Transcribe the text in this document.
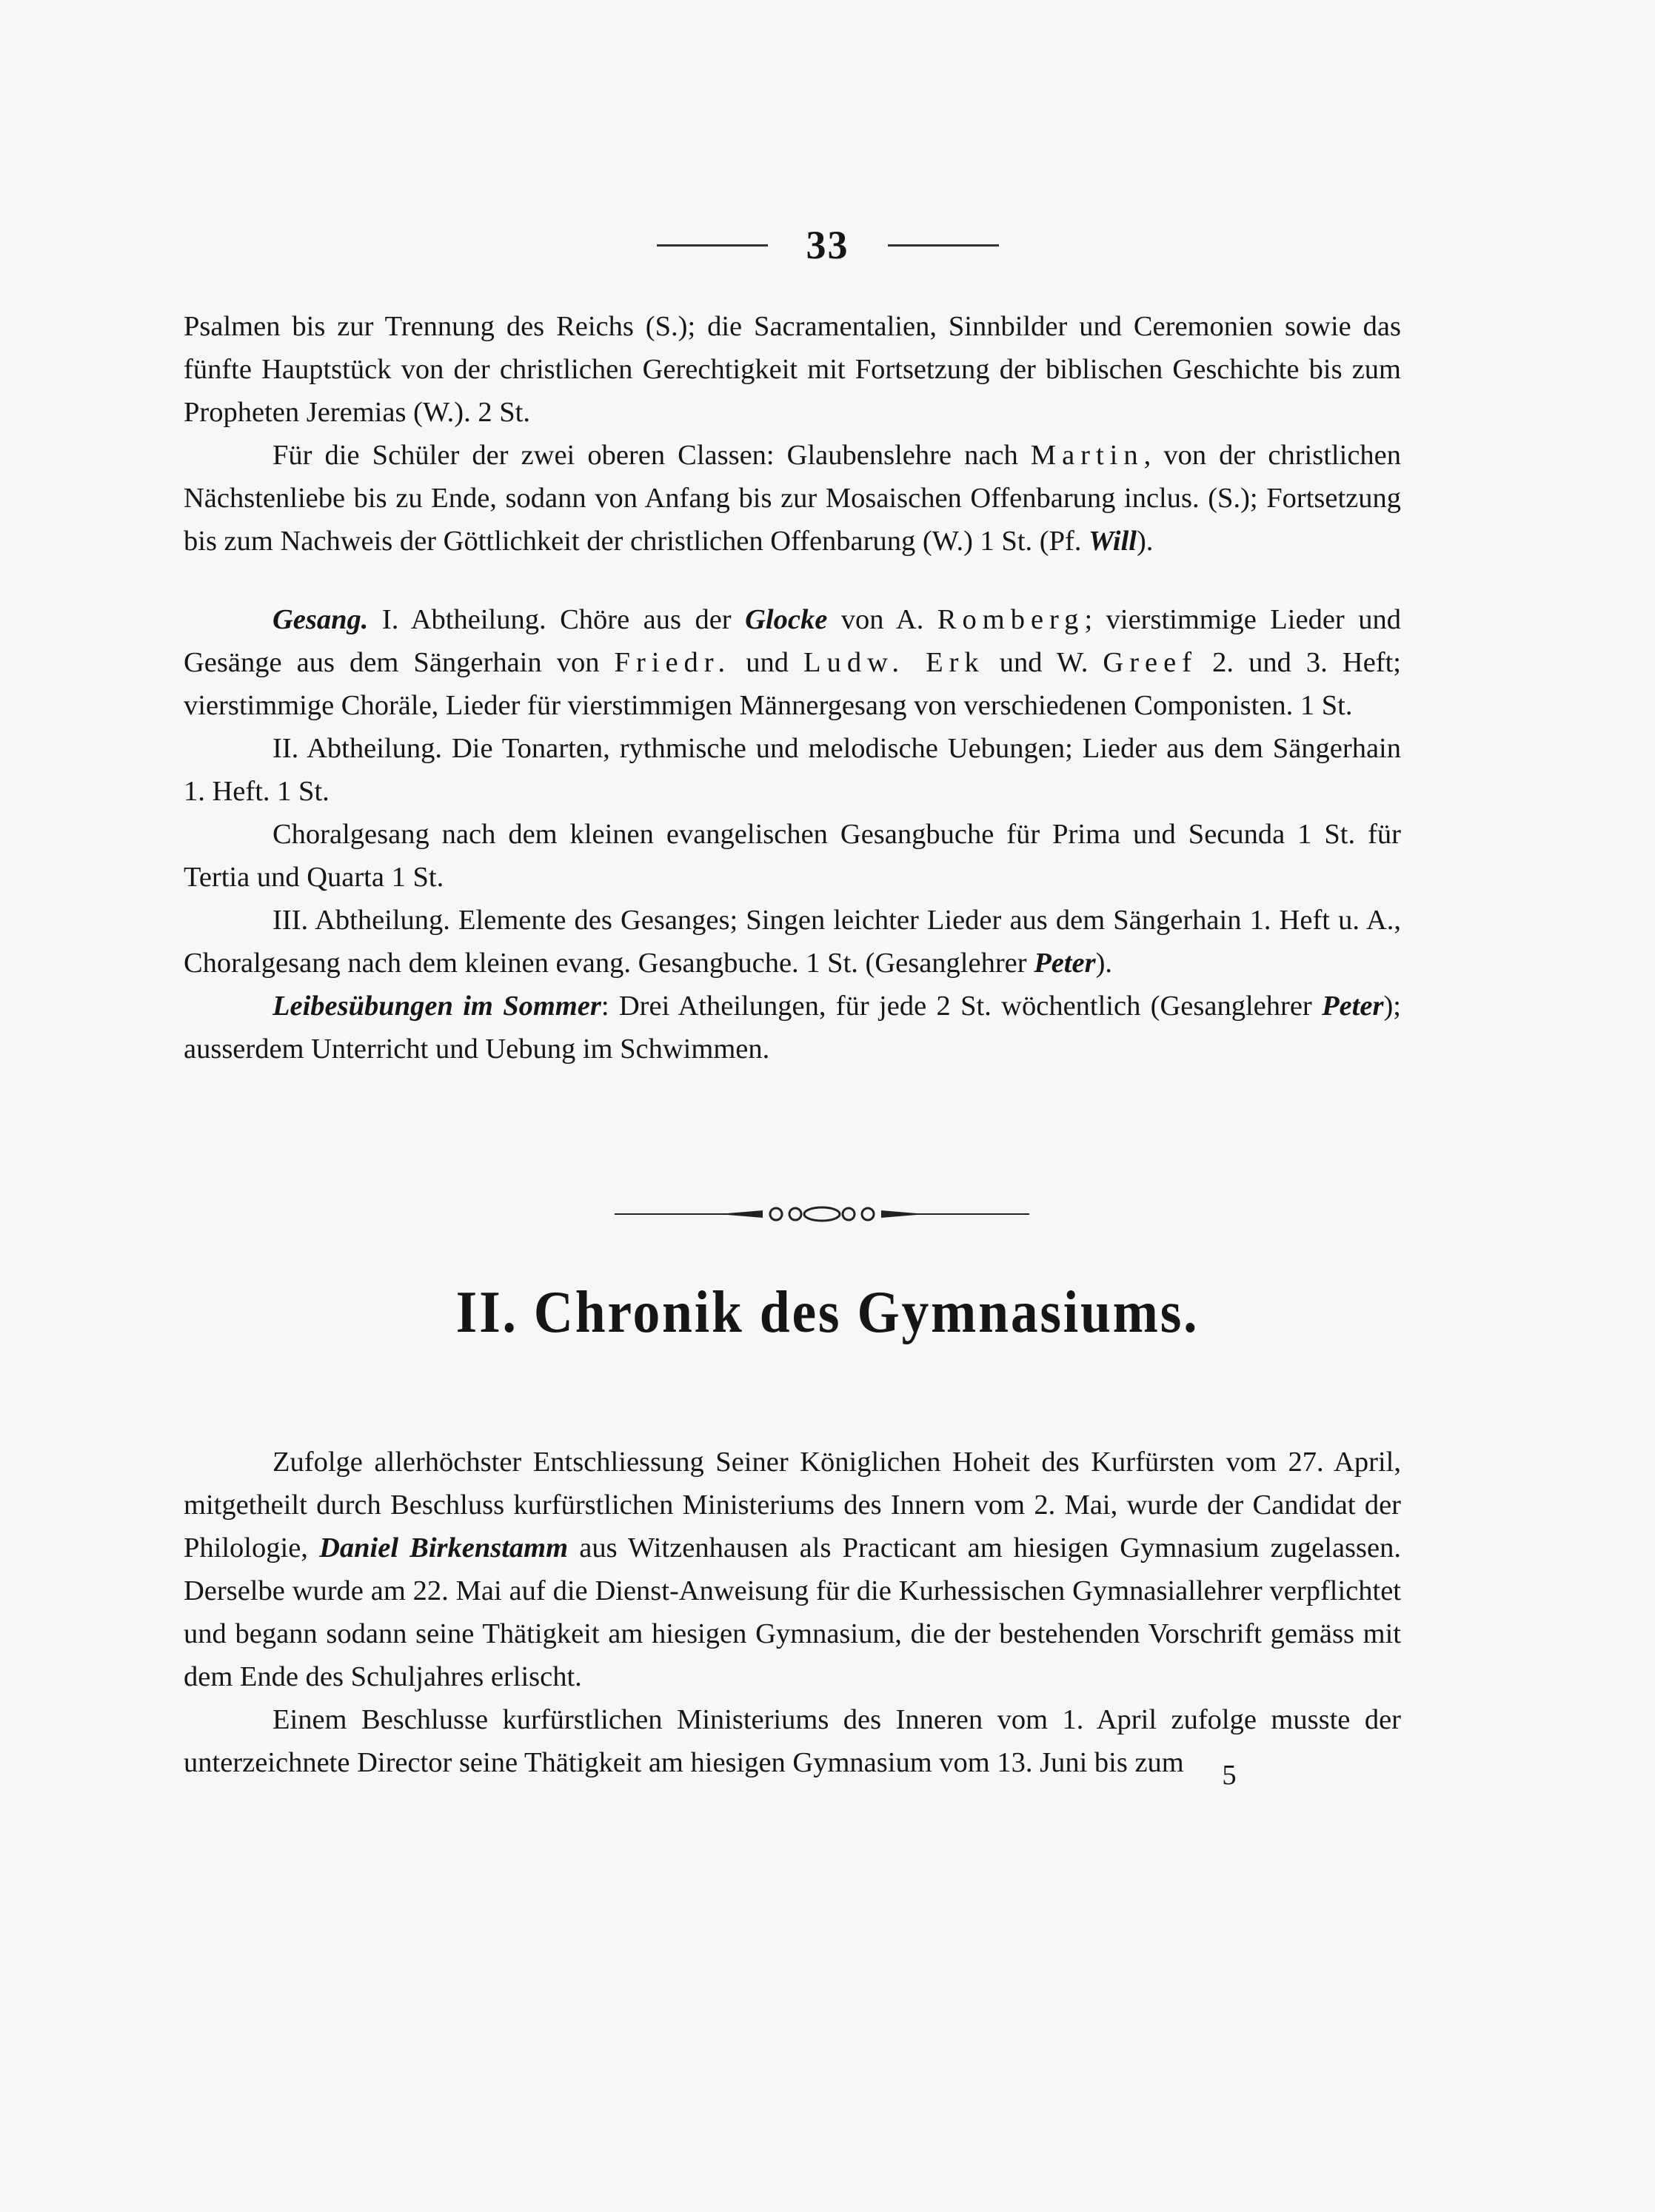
33

Psalmen bis zur Trennung des Reichs (S.); die Sacramentalien, Sinnbilder und Ceremonien sowie das fünfte Hauptstück von der christlichen Gerechtigkeit mit Fortsetzung der biblischen Geschichte bis zum Propheten Jeremias (W.). 2 St.

Für die Schüler der zwei oberen Classen: Glaubenslehre nach Martin, von der christlichen Nächstenliebe bis zu Ende, sodann von Anfang bis zur Mosaischen Offenbarung inclus. (S.); Fortsetzung bis zum Nachweis der Göttlichkeit der christlichen Offenbarung (W.) 1 St. (Pf. Will).

Gesang. I. Abtheilung. Chöre aus der Glocke von A. Romberg; vierstimmige Lieder und Gesänge aus dem Sängerhain von Friedr. und Ludw. Erk und W. Greef 2. und 3. Heft; vierstimmige Choräle, Lieder für vierstimmigen Männergesang von verschiedenen Componisten. 1 St.

II. Abtheilung. Die Tonarten, rythmische und melodische Uebungen; Lieder aus dem Sängerhain 1. Heft. 1 St.

Choralgesang nach dem kleinen evangelischen Gesangbuche für Prima und Secunda 1 St. für Tertia und Quarta 1 St.

III. Abtheilung. Elemente des Gesanges; Singen leichter Lieder aus dem Sängerhain 1. Heft u. A., Choralgesang nach dem kleinen evang. Gesangbuche. 1 St. (Gesanglehrer Peter).

Leibesübungen im Sommer: Drei Atheilungen, für jede 2 St. wöchentlich (Gesanglehrer Peter); ausserdem Unterricht und Uebung im Schwimmen.

II. Chronik des Gymnasiums.

Zufolge allerhöchster Entschliessung Seiner Königlichen Hoheit des Kurfürsten vom 27. April, mitgetheilt durch Beschluss kurfürstlichen Ministeriums des Innern vom 2. Mai, wurde der Candidat der Philologie, Daniel Birkenstamm aus Witzenhausen als Practicant am hiesigen Gymnasium zugelassen. Derselbe wurde am 22. Mai auf die Dienst-Anweisung für die Kurhessischen Gymnasiallehrer verpflichtet und begann sodann seine Thätigkeit am hiesigen Gymnasium, die der bestehenden Vorschrift gemäss mit dem Ende des Schuljahres erlischt.

Einem Beschlusse kurfürstlichen Ministeriums des Inneren vom 1. April zufolge musste der unterzeichnete Director seine Thätigkeit am hiesigen Gymnasium vom 13. Juni bis zum	5
